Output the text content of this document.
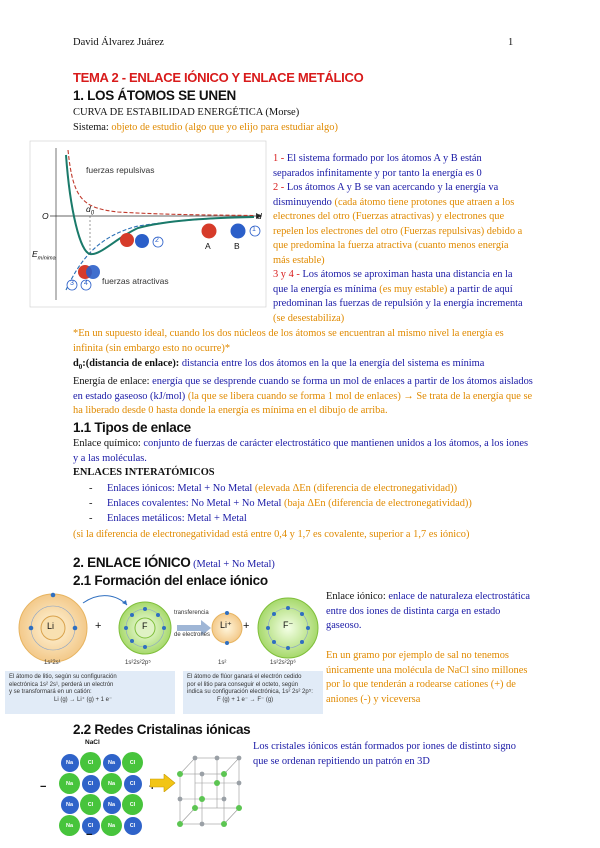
David Álvarez Juárez	1
TEMA 2 - ENLACE IÓNICO Y ENLACE METÁLICO
1. LOS ÁTOMOS SE UNEN
CURVA DE ESTABILIDAD ENERGÉTICA (Morse)
Sistema: objeto de estudio (algo que yo elijo para estudiar algo)
fuerzas repulsivas
fuerzas atractivas
O	d
$d_0$
$E_{mínima}$
A	B
2
1
3 4
1 - El sistema formado por los átomos A y B están separados infinitamente y por tanto la energía es 0
2 - Los átomos A y B se van acercando y la energía va disminuyendo (cada átomo tiene protones que atraen a los electrones del otro (Fuerzas atractivas) y electrones que repelen los electrones del otro (Fuerzas repulsivas) debido a que predomina la fuerza atractiva (cuanto menos energía más estable)
3 y 4 - Los átomos se aproximan hasta una distancia en la que la energía es mínima (es muy estable) a partir de aquí predominan las fuerzas de repulsión y la energía incrementa (se desestabiliza)
*En un supuesto ideal, cuando los dos núcleos de los átomos se encuentran al mismo nivel la energía es infinita (sin embargo esto no ocurre)*
$d_0:(distancia$ de enlace): distancia entre los dos átomos en la que la energía del sistema es mínima
Energía de enlace: energía que se desprende cuando se forma un mol de enlaces a partir de los átomos aislados en estado gaseoso (kJ/mol) (la que se libera cuando se forma 1 mol de enlaces) → Se trata de la energía que se ha liberado desde 0 hasta donde la energía es mínima en el dibujo de arriba.
1.1 Tipos de enlace
Enlace químico: conjunto de fuerzas de carácter electrostático que mantienen unidos a los átomos, a los iones y a las moléculas.
ENLACES INTERATÓMICOS
- Enlaces iónicos: Metal + No Metal (elevada ΔEn (diferencia de electronegatividad))
- Enlaces covalentes: No Metal + No Metal (baja ΔEn (diferencia de electronegatividad))
- Enlaces metálicos: Metal + Metal
(si la diferencia de electronegatividad está entre 0,4 y 1,7 es covalente, superior a 1,7 es iónico)
2. ENLACE IÓNICO (Metal + No Metal)
2.1 Formación del enlace iónico
Li	F
+	Li⁺ +	F⁻
transferencia
de electrones
1s²2s¹	1s²2s²2p⁵	1s²	1s²2s²2p⁶
El átomo de litio, según su configuración
electrónica 1s² 2s¹, perderá un electrón
y se transformará en un catión:
Li (g) → Li⁺ (g) + 1 e⁻
El átomo de flúor ganará el electrón cedido
por el litio para conseguir el octeto, según
indica su configuración electrónica, 1s² 2s² 2p⁵:
F (g) + 1 e⁻ → F⁻ (g)
Enlace iónico: enlace de naturaleza electrostática entre dos iones de distinta carga en estado gaseoso.
En un gramo por ejemplo de sal no tenemos únicamente una molécula de NaCl sino millones por lo que tenderán a rodearse cationes (+) de aniones (-) y viceversa
2.2 Redes Cristalinas iónicas
Los cristales iónicos están formados por iones de distinto signo que se ordenan repitiendo un patrón en 3D
NaCl
Na	Cl	Na	Cl
Na	Cl	Na	Cl
Na	Cl	Na	Cl
Na	Cl	Na	Cl
−
−
